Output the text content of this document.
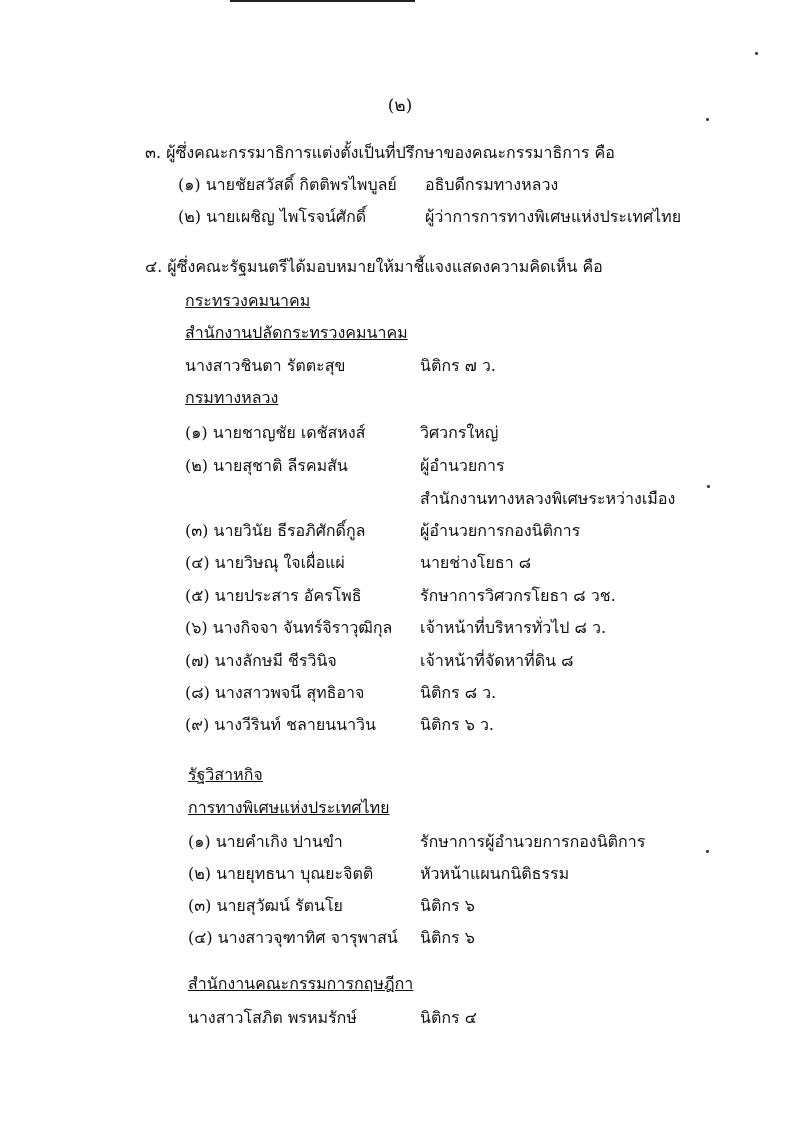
(๒)
๓. ผู้ซึ่งคณะกรรมาธิการแต่งตั้งเป็นที่ปรึกษาของคณะกรรมาธิการ คือ
(๑) นายชัยสวัสดิ์ กิตติพรไพบูลย์ อธิบดีกรมทางหลวง
(๒) นายเผชิญ ไพโรจน์ศักดิ์	ผู้ว่าการการทางพิเศษแห่งประเทศไทย
๔. ผู้ซึ่งคณะรัฐมนตรีได้มอบหมายให้มาชี้แจงแสดงความคิดเห็น คือ
กระทรวงคมนาคม
สำนักงานปลัดกระทรวงคมนาคม
นางสาวชินตา รัตตะสุข	นิติกร ๗ ว.
กรมทางหลวง
(๑) นายชาญชัย เดชัสหงส์	วิศวกรใหญ่
(๒) นายสุชาติ ลีรคมสัน	ผู้อำนวยการ
สำนักงานทางหลวงพิเศษระหว่างเมือง
(๓) นายวินัย ธีรอภิศักดิ์กูล	ผู้อำนวยการกองนิติการ
(๔) นายวิษณุ ใจเผื่อแผ่	นายช่างโยธา ๘
(๕) นายประสาร อัครโพธิ	รักษาการวิศวกรโยธา ๘ วช.
(๖) นางกิจจา จันทร์จิราวุฒิกุล เจ้าหน้าที่บริหารทั่วไป ๘ ว.
(๗) นางลักษมี ชีรวินิจ	เจ้าหน้าที่จัดหาที่ดิน ๘
(๘) นางสาวพจนี สุทธิอาจ	นิติกร ๘ ว.
(๙) นางวีรินท์ ชลายนนาวิน	นิติกร ๖ ว.
รัฐวิสาหกิจ
การทางพิเศษแห่งประเทศไทย
(๑) นายคำเกิง ปานขำ	รักษาการผู้อำนวยการกองนิติการ
(๒) นายยุทธนา บุณยะจิตติ	หัวหน้าแผนกนิติธรรม
(๓) นายสุวัฒน์ รัตนโย	นิติกร ๖
(๔) นางสาวจุฑาทิศ จารุพาสน์ นิติกร ๖
สำนักงานคณะกรรมการกฤษฎีกา
นางสาวโสภิต พรหมรักษ์	นิติกร ๔
